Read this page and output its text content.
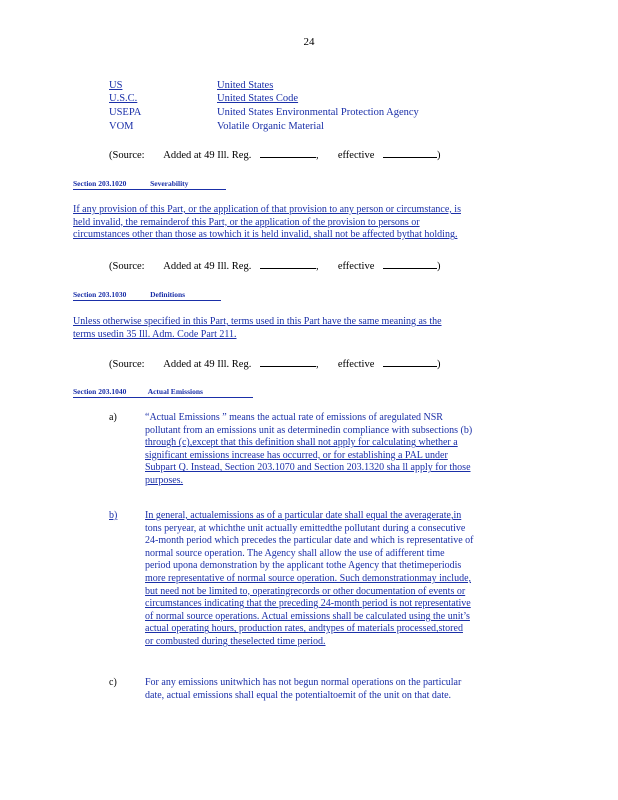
24
US	United States
U.S.C.	United States Code
USEPA	United States Environmental Protection Agency
VOM	Volatile Organic Material
(Source: Added at 49 Ill. Reg.	, effective	)
Section 203.1020	Severability
If any provision of this Part, or the application of that provision to any person or circumstance, is
held invalid, the remainderof this Part, or the application of the provision to persons or
circumstances other than those as towhich it is held invalid, shall not be affected bythat holding.
(Source: Added at 49 Ill. Reg.	, effective	)
Section 203.1030	Definitions
Unless otherwise specified in this Part, terms used in this Part have the same meaning as the
terms usedin 35 Ill. Adm. Code Part 211.
(Source: Added at 49 Ill. Reg.	, effective	)
Section 203.1040	Actual Emissions
a)	“Actual Emissions ” means the actual rate of emissions of aregulated NSR
pollutant from an emissions unit as determinedin compliance with subsections (b)
through (c),except that this definition shall not apply for calculating whether a
significant emissions increase has occurred, or for establishing a PAL under
Subpart Q. Instead, Section 203.1070 and Section 203.1320 sha ll apply for those
purposes.
b)	In general, actualemissions as of a particular date shall equal the averagerate,in
tons peryear, at whichthe unit actually emittedthe pollutant during a consecutive
24-month period which precedes the particular date and which is representative of
normal source operation. The Agency shall allow the use of adifferent time
period upona demonstration by the applicant tothe Agency that thetimeperiodis
more representative of normal source operation. Such demonstrationmay include,
but need not be limited to, operatingrecords or other documentation of events or
circumstances indicating that the preceding 24-month period is not representative
of normal source operations. Actual emissions shall be calculated using the unit’s
actual operating hours, production rates, andtypes of materials processed,stored
or combusted during theselected time period.
c)	For any emissions unitwhich has not begun normal operations on the particular
date, actual emissions shall equal the potentialtoemit of the unit on that date.
